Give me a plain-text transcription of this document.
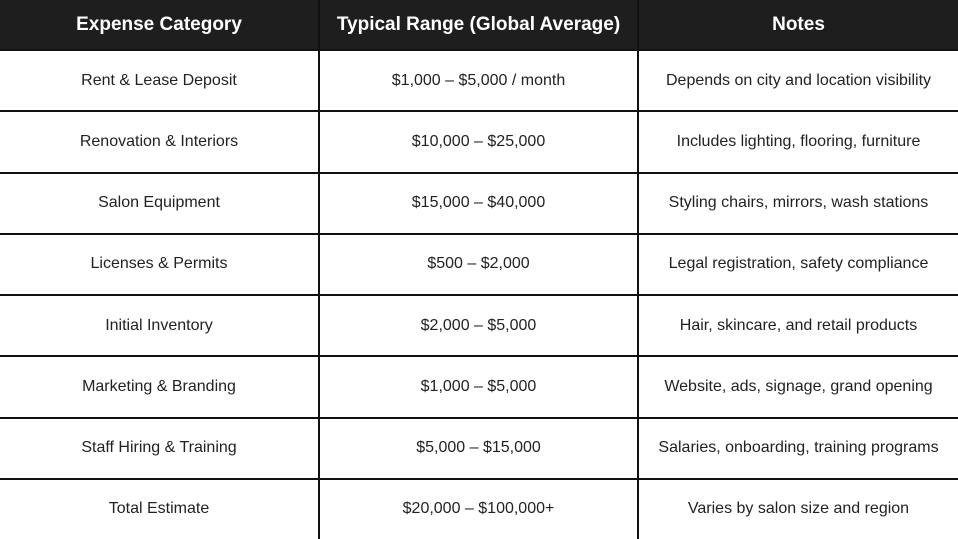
Expense Category	Typical Range (Global Average)	Notes
Rent & Lease Deposit	$1,000 – $5,000 / month	Depends on city and location visibility
Renovation & Interiors	$10,000 – $25,000	Includes lighting, flooring, furniture
Salon Equipment	$15,000 – $40,000	Styling chairs, mirrors, wash stations
Licenses & Permits	$500 – $2,000	Legal registration, safety compliance
Initial Inventory	$2,000 – $5,000	Hair, skincare, and retail products
Marketing & Branding	$1,000 – $5,000	Website, ads, signage, grand opening
Staff Hiring & Training	$5,000 – $15,000	Salaries, onboarding, training programs
Total Estimate	$20,000 – $100,000+	Varies by salon size and region
